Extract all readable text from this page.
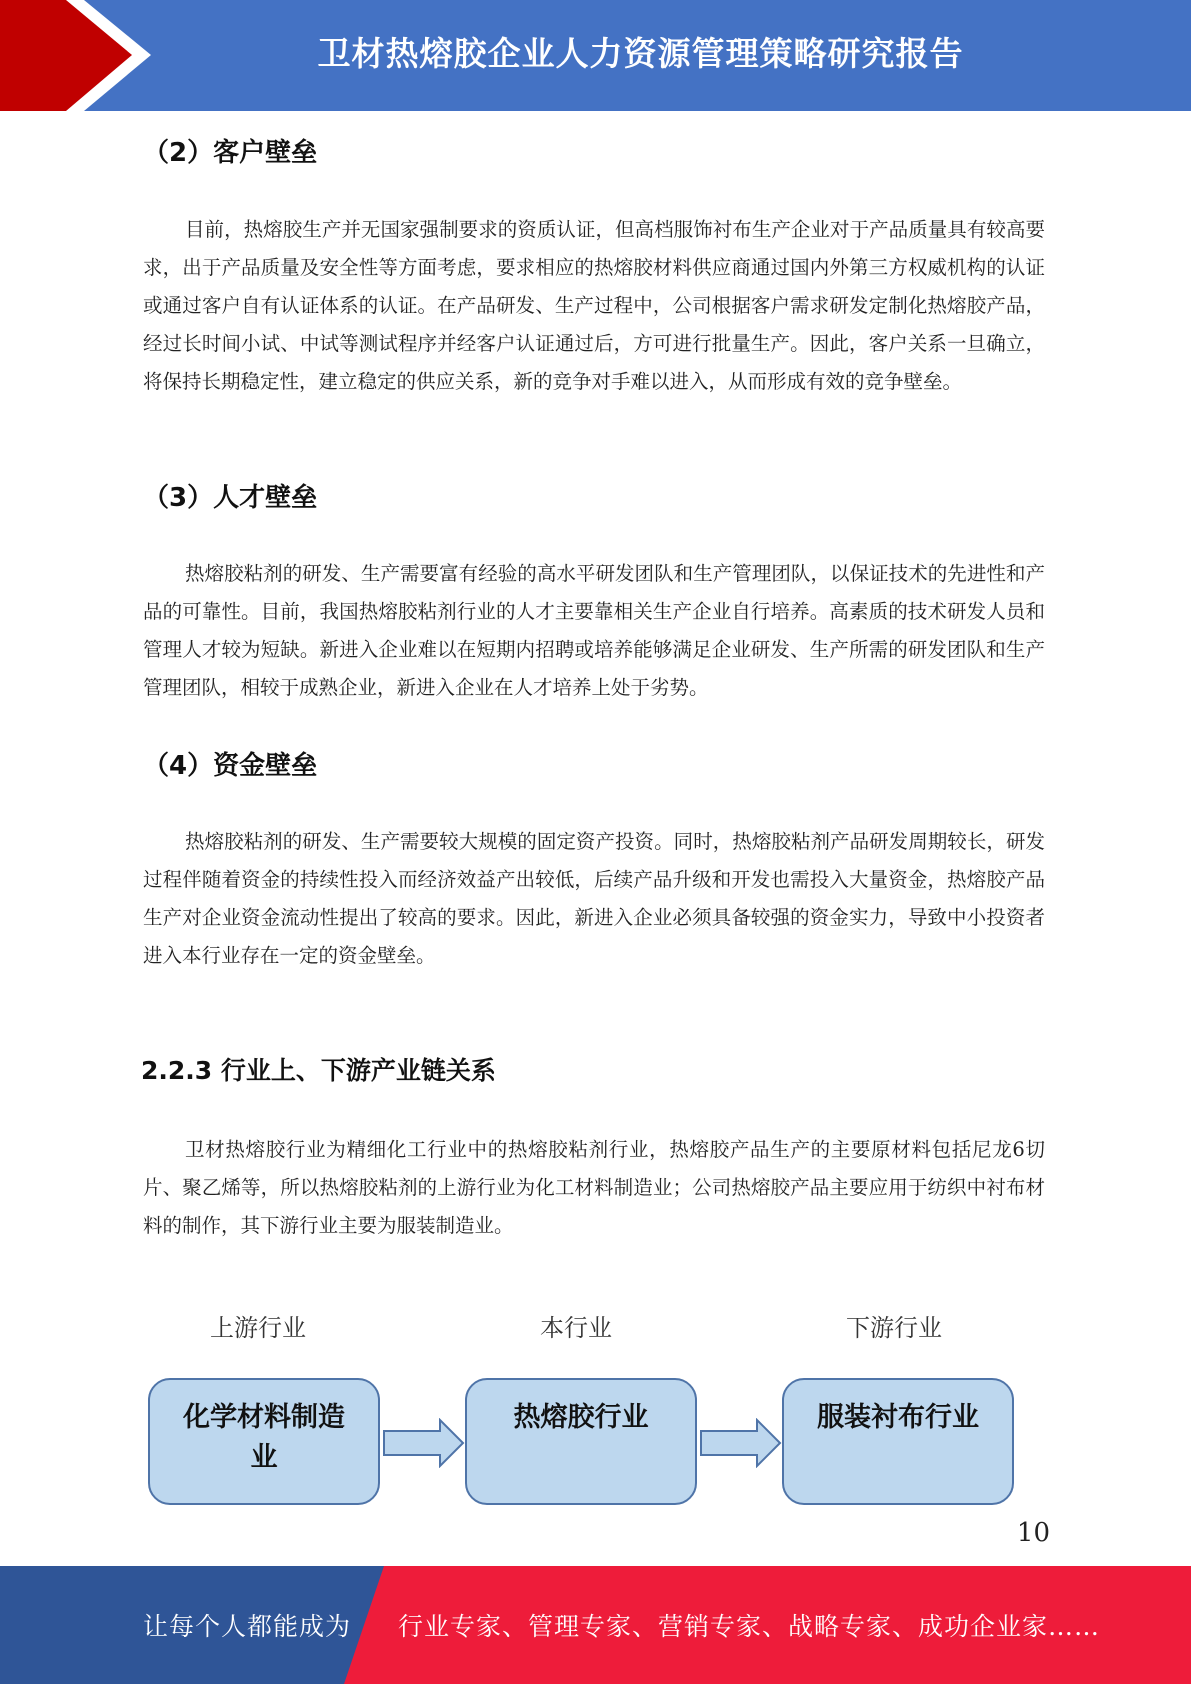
卫材热熔胶企业人力资源管理策略研究报告
（2）客户壁垒

目前，热熔胶生产并无国家强制要求的资质认证，但高档服饰衬布生产企业对于产品质量具有较高要求，出于产品质量及安全性等方面考虑，要求相应的热熔胶材料供应商通过国内外第三方权威机构的认证或通过客户自有认证体系的认证。在产品研发、生产过程中，公司根据客户需求研发定制化热熔胶产品，经过长时间小试、中试等测试程序并经客户认证通过后，方可进行批量生产。因此，客户关系一旦确立，将保持长期稳定性，建立稳定的供应关系，新的竞争对手难以进入，从而形成有效的竞争壁垒。

（3）人才壁垒

热熔胶粘剂的研发、生产需要富有经验的高水平研发团队和生产管理团队，以保证技术的先进性和产品的可靠性。目前，我国热熔胶粘剂行业的人才主要靠相关生产企业自行培养。高素质的技术研发人员和管理人才较为短缺。新进入企业难以在短期内招聘或培养能够满足企业研发、生产所需的研发团队和生产管理团队，相较于成熟企业，新进入企业在人才培养上处于劣势。

（4）资金壁垒

热熔胶粘剂的研发、生产需要较大规模的固定资产投资。同时，热熔胶粘剂产品研发周期较长，研发过程伴随着资金的持续性投入而经济效益产出较低，后续产品升级和开发也需投入大量资金，热熔胶产品生产对企业资金流动性提出了较高的要求。因此，新进入企业必须具备较强的资金实力，导致中小投资者进入本行业存在一定的资金壁垒。

2.2.3 行业上、下游产业链关系

卫材热熔胶行业为精细化工行业中的热熔胶粘剂行业，热熔胶产品生产的主要原材料包括尼龙6切片、聚乙烯等，所以热熔胶粘剂的上游行业为化工材料制造业；公司热熔胶产品主要应用于纺织中衬布材料的制作，其下游行业主要为服装制造业。

上游行业	本行业	下游行业
化学材料制造业
热熔胶行业	服装衬布行业
10
让每个人都能成为 行业专家、管理专家、营销专家、战略专家、成功企业家……
